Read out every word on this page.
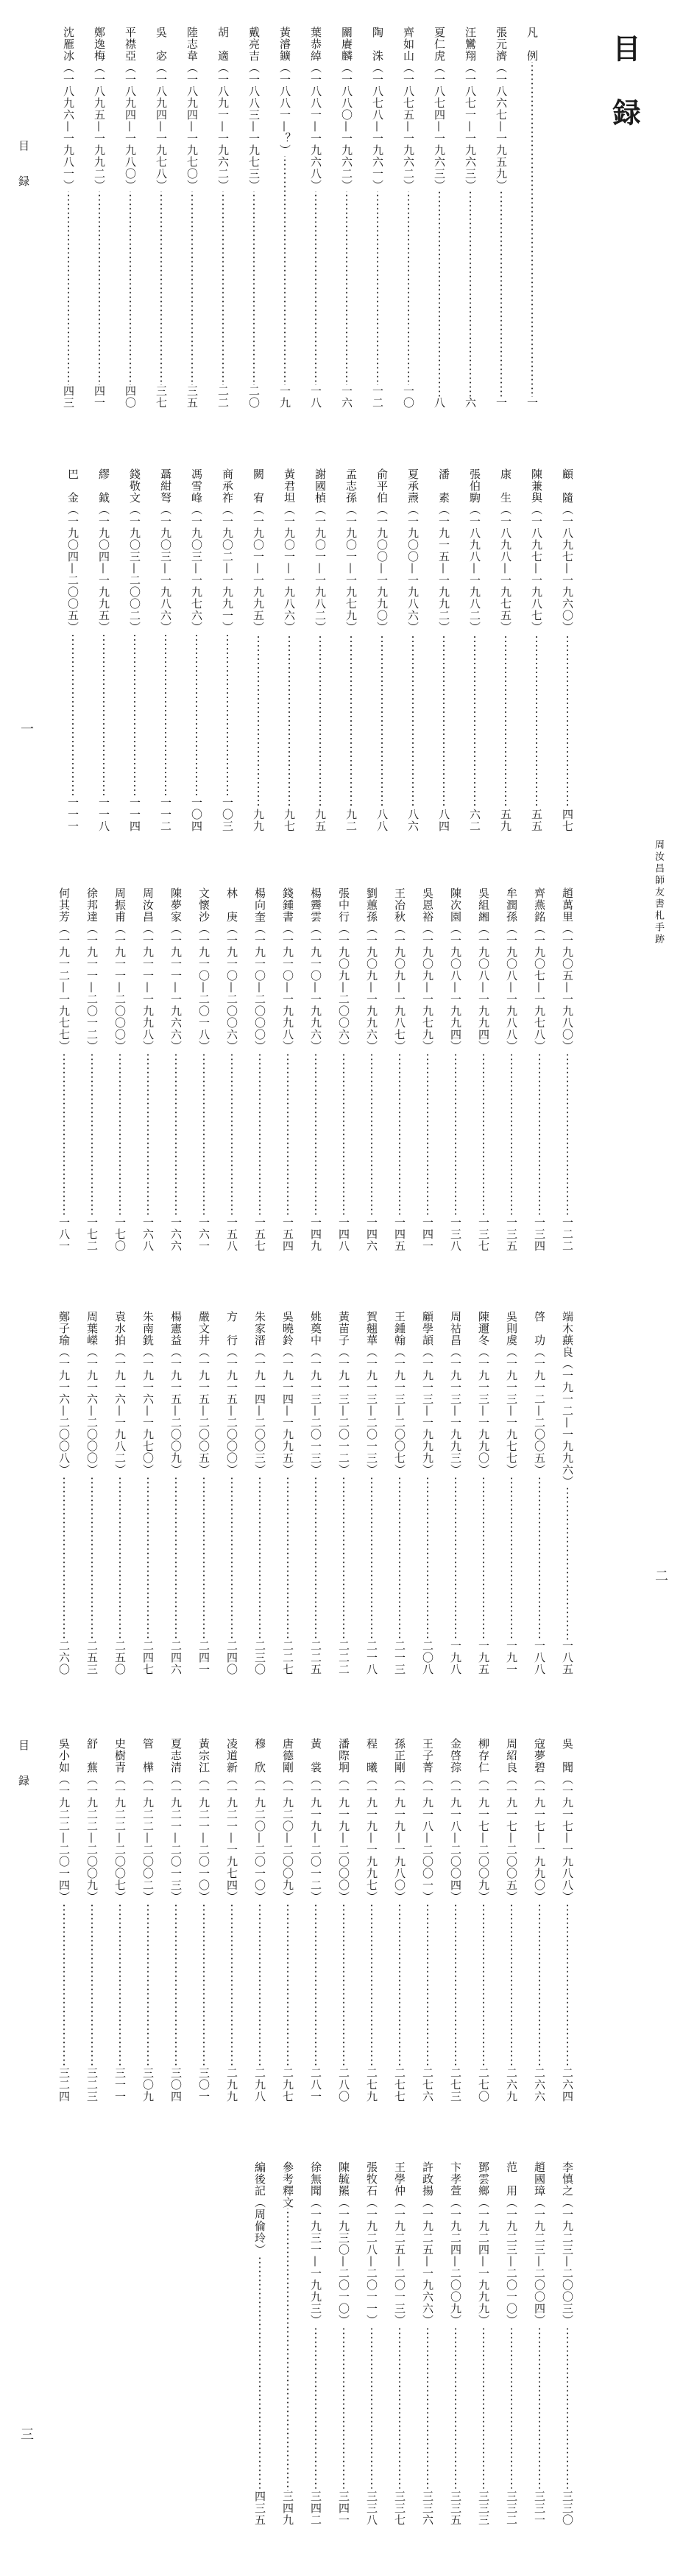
目 録
目 録
目 録
周汝昌師友書札手跡
一
二
三
凡　例
一
張元濟
（一八六七—一九五九）
一
汪鸞翔
（一八七一—一九六三）
六
夏仁虎
（一八七四—一九六三）
八
齊如山
（一八七五—一九六二）
一〇
陶　洙
（一八七八—一九六一）
一二
關賡麟
（一八八〇—一九六二）
一六
葉恭綽
（一八八一—一九六八）
一八
黃濬鑛
（一八八一—？）
一九
戴亮吉
（一八八三—一九七三）
二〇
胡　適
（一八九一—一九六二）
二二
陸志韋
（一八九四—一九七〇）
三五
吳　宓
（一八九四—一九七八）
三七
平襟亞
（一八九四—一九八〇）
四〇
鄭逸梅
（一八九五—一九九二）
四一
沈雁冰
（一八九六—一九八一）
四三
顧　隨
（一八九七—一九六〇）
四七
陳兼與
（一八九七—一九八七）
五五
康　生
（一八九八—一九七五）
五九
張伯駒
（一八九八—一九八二）
六二
潘　素
（一九一五—一九九二）
八四
夏承燾
（一九〇〇—一九八六）
八六
俞平伯
（一九〇〇—一九九〇）
八八
孟志孫
（一九〇一—一九七九）
九二
謝國楨
（一九〇一—一九八二）
九五
黃君坦
（一九〇一—一九八六）
九七
闕　宥
（一九〇一—一九九五）
九九
商承祚
（一九〇二—一九九一）
一〇三
馮雪峰
（一九〇三—一九七六）
一〇四
聶紺弩
（一九〇三—一九八六）
一一二
錢敬文
（一九〇三—二〇〇二）
一一四
繆　鉞
（一九〇四—一九九五）
一一八
巴　金
（一九〇四—二〇〇五）
一一一
趙萬里
（一九〇五—一九八〇）
一二二
齊燕銘
（一九〇七—一九七八）
一三四
牟潤孫
（一九〇八—一九八八）
一三五
吳組緗
（一九〇八—一九九四）
一三七
陳次園
（一九〇八—一九九四）
一三八
吳恩裕
（一九〇九—一九七九）
一四一
王冶秋
（一九〇九—一九八七）
一四五
劉蕙孫
（一九〇九—一九九六）
一四六
張中行
（一九〇九—二〇〇六）
一四八
楊霽雲
（一九一〇—一九九六）
一四九
錢鍾書
（一九一〇—一九九八）
一五四
楊向奎
（一九一〇—二〇〇〇）
一五七
林　庚
（一九一〇—二〇〇六）
一五八
文懷沙
（一九一〇—二〇一八）
一六一
陳夢家
（一九一一—一九六六）
一六六
周汝昌
（一九一一—一九九八）
一六八
周振甫
（一九一一—二〇〇〇）
一七〇
徐邦達
（一九一一—二〇一二）
一七二
何其芳
（一九一二—一九七七）
一八一
端木蕻良
（一九一二—一九九六）
一八五
啓　功
（一九一二—二〇〇五）
一八八
吳則虞
（一九一三—一九七七）
一九一
陳邇冬
（一九一三—一九九〇）
一九五
周祜昌
（一九一三—一九九三）
一九八
顧學頡
（一九一三—一九九九）
二〇八
王鍾翰
（一九一三—二〇〇七）
二一三
賀翹華
（一九一三—二〇一三）
二一八
黃苗子
（一九一三—二〇一二）
二二二
姚奠中
（一九一三—二〇一三）
二二五
吳曉鈴
（一九一四—一九九五）
二二七
朱家溍
（一九一四—二〇〇三）
二三〇
方　行
（一九一五—二〇〇〇）
二四〇
嚴文井
（一九一五—二〇〇五）
二四一
楊憲益
（一九一五—二〇〇九）
二四六
朱南銑
（一九一六—一九七〇）
二四七
袁水拍
（一九一六—一九八二）
二五〇
周葉嶸
（一九一六—二〇〇〇）
二五三
鄭子瑜
（一九一六—二〇〇八）
二六〇
吳　聞
（一九一七—一九八八）
二六四
寇夢碧
（一九一七—一九九〇）
二六六
周紹良
（一九一七—二〇〇五）
二六九
柳存仁
（一九一七—二〇〇九）
二七〇
金啓孮
（一九一八—二〇〇四）
二七三
王子菁
（一九一八—二〇〇一）
二七六
孫正剛
（一九一九—一九八〇）
二七七
程　曦
（一九一九—一九九七）
二七九
潘際坰
（一九一九—二〇〇〇）
二八〇
黃　裳
（一九一九—二〇一二）
二八一
唐德剛
（一九二〇—二〇〇九）
二九七
穆　欣
（一九二〇—二〇一〇）
二九八
凌道新
（一九二一—一九七四）
二九九
黃宗江
（一九二一—二〇一〇）
三〇一
夏志清
（一九二一—二〇一三）
三〇四
管　樺
（一九二二—二〇〇二）
三〇九
史樹青
（一九二二—二〇〇七）
三一一
舒　蕪
（一九二二—二〇〇九）
三二三
吳小如
（一九二二—二〇一四）
三二四
李慎之
（一九二三—二〇〇三）
三三〇
趙國璋
（一九二三—二〇〇四）
三三一
范　用
（一九二三—二〇一〇）
三三二
鄧雲鄉
（一九二四—一九九九）
三三三
卞孝萱
（一九二四—二〇〇九）
三三五
許政揚
（一九二五—一九六六）
三三六
王學仲
（一九二五—二〇一三）
三三七
張牧石
（一九二八—二〇一一）
三三八
陳毓羆
（一九三〇—二〇一〇）
三四一
徐無聞
（一九三一—一九九三）
三四二
參考釋文
三四九
編後記（周倫玲）
四三五
